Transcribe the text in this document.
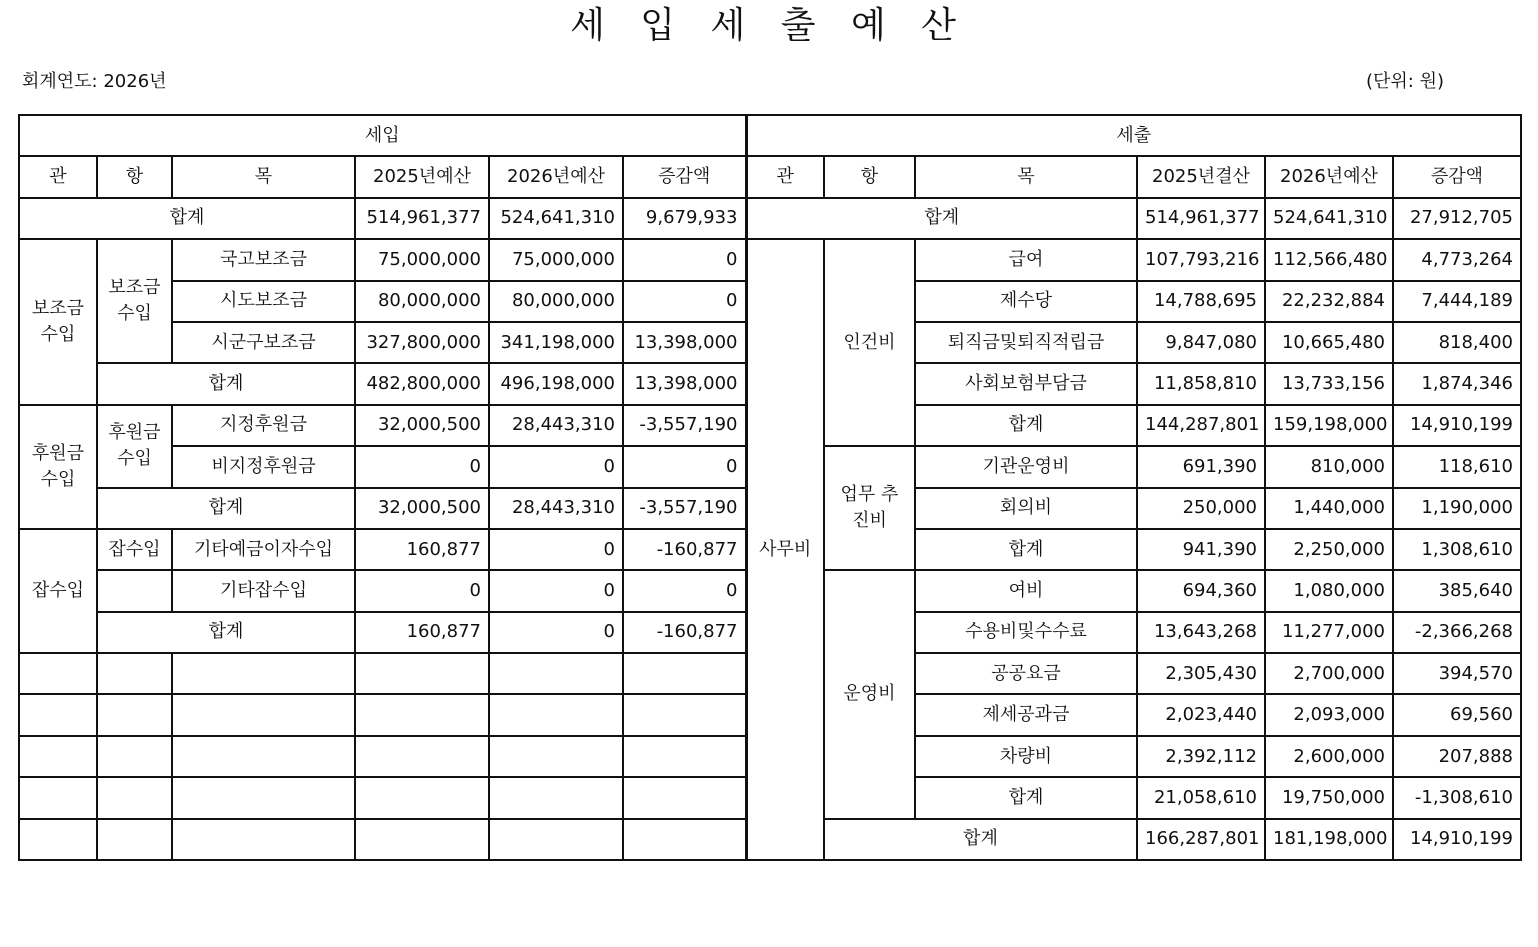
세 입 세 출 예 산
회계연도: 2026년	(단위: 원)
세입						세출					
관	항	목	2025년예산	2026년예산	증감액	관	항	목	2025년결산	2026년예산	증감액
합계			514,961,377	524,641,310	9,679,933	합계			514,961,377	524,641,310	27,912,705
보조금 수입	보조금 수입	국고보조금	75,000,000	75,000,000	0	사무비	인건비	급여	107,793,216	112,566,480	4,773,264
		시도보조금	80,000,000	80,000,000	0			제수당	14,788,695	22,232,884	7,444,189
		시군구보조금	327,800,000	341,198,000	13,398,000			퇴직금및퇴직적립금	9,847,080	10,665,480	818,400
	합계		482,800,000	496,198,000	13,398,000			사회보험부담금	11,858,810	13,733,156	1,874,346
후원금 수입	후원금 수입	지정후원금	32,000,500	28,443,310	-3,557,190			합계	144,287,801	159,198,000	14,910,199
		비지정후원금	0	0	0		업무 추진비	기관운영비	691,390	810,000	118,610
	합계		32,000,500	28,443,310	-3,557,190			회의비	250,000	1,440,000	1,190,000
잡수입	잡수입	기타예금이자수입	160,877	0	-160,877			합계	941,390	2,250,000	1,308,610
		기타잡수입	0	0	0		운영비	여비	694,360	1,080,000	385,640
	합계		160,877	0	-160,877			수용비및수수료	13,643,268	11,277,000	-2,366,268
								공공요금	2,305,430	2,700,000	394,570
								제세공과금	2,023,440	2,093,000	69,560
								차량비	2,392,112	2,600,000	207,888
								합계	21,058,610	19,750,000	-1,308,610
							합계		166,287,801	181,198,000	14,910,199
